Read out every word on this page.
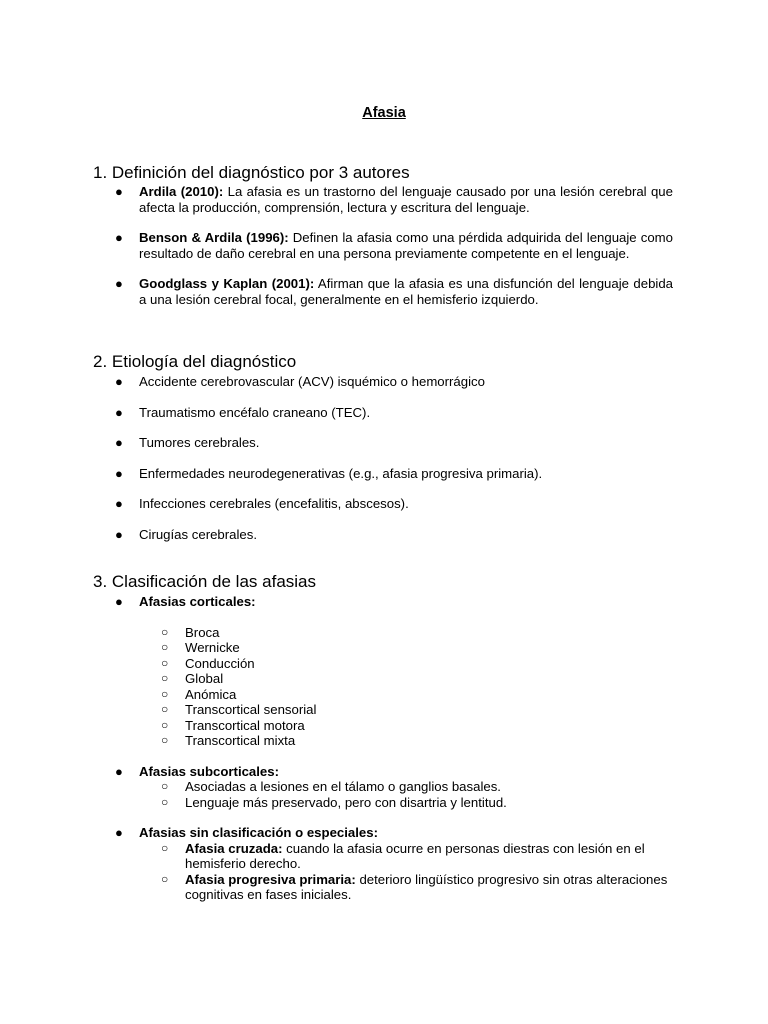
Afasia
1. Definición del diagnóstico por 3 autores
● Ardila (2010): La afasia es un trastorno del lenguaje causado por una lesión cerebral que afecta la producción, comprensión, lectura y escritura del lenguaje.
● Benson & Ardila (1996): Definen la afasia como una pérdida adquirida del lenguaje como resultado de daño cerebral en una persona previamente competente en el lenguaje.
● Goodglass y Kaplan (2001): Afirman que la afasia es una disfunción del lenguaje debida a una lesión cerebral focal, generalmente en el hemisferio izquierdo.
2. Etiología del diagnóstico
● Accidente cerebrovascular (ACV) isquémico o hemorrágico
● Traumatismo encéfalo craneano (TEC).
● Tumores cerebrales.
● Enfermedades neurodegenerativas (e.g., afasia progresiva primaria).
● Infecciones cerebrales (encefalitis, abscesos).
● Cirugías cerebrales.
3. Clasificación de las afasias
● Afasias corticales:
○ Broca
○ Wernicke
○ Conducción
○ Global
○ Anómica
○ Transcortical sensorial
○ Transcortical motora
○ Transcortical mixta
● Afasias subcorticales:
○ Asociadas a lesiones en el tálamo o ganglios basales.
○ Lenguaje más preservado, pero con disartria y lentitud.
● Afasias sin clasificación o especiales:
○ Afasia cruzada: cuando la afasia ocurre en personas diestras con lesión en el hemisferio derecho.
○ Afasia progresiva primaria: deterioro lingüístico progresivo sin otras alteraciones cognitivas en fases iniciales.
